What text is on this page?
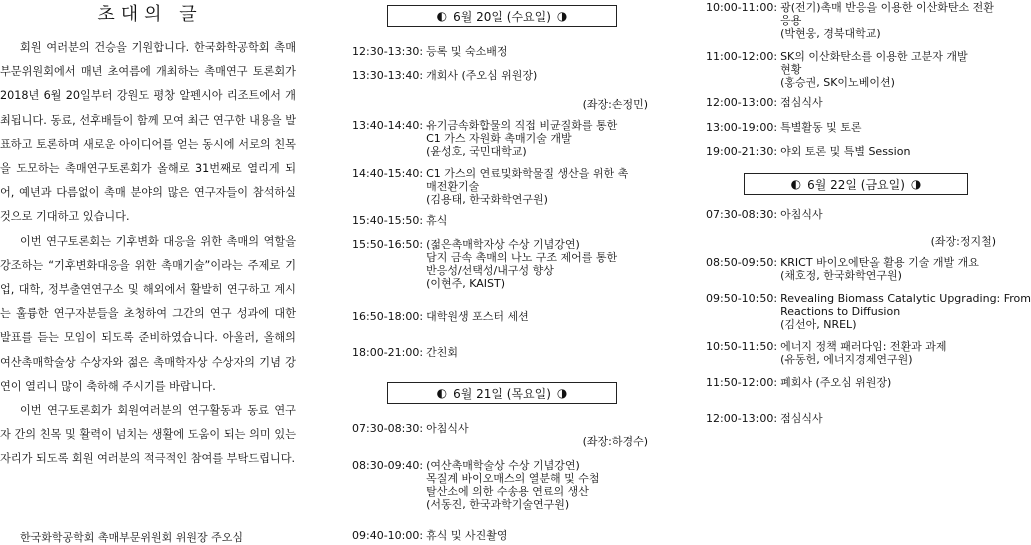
초대의 글

회원 여러분의 건승을 기원합니다. 한국화학공학회 촉매부문위원회에서 매년 초여름에 개최하는 촉매연구 토론회가 2018년 6월 20일부터 강원도 평창 알펜시아 리조트에서 개최됩니다. 동료, 선후배들이 함께 모여 최근 연구한 내용을 발표하고 토론하며 새로운 아이디어를 얻는 동시에 서로의 친목을 도모하는 촉매연구토론회가 올해로 31번째로 열리게 되어, 예년과 다름없이 촉매 분야의 많은 연구자들이 참석하실 것으로 기대하고 있습니다.

이번 연구토론회는 기후변화 대응을 위한 촉매의 역할을 강조하는 “기후변화대응을 위한 촉매기술”이라는 주제로 기업, 대학, 정부출연연구소 및 해외에서 활발히 연구하고 계시는 훌륭한 연구자분들을 초청하여 그간의 연구 성과에 대한 발표를 듣는 모임이 되도록 준비하였습니다. 아울러, 올해의 여산촉매학술상 수상자와 젊은 촉매학자상 수상자의 기념 강연이 열리니 많이 축하해 주시기를 바랍니다.

이번 연구토론회가 회원여러분의 연구활동과 동료 연구자 간의 친목 및 활력이 넘치는 생활에 도움이 되는 의미 있는 자리가 되도록 회원 여러분의 적극적인 참여를 부탁드립니다.

한국화학공학회 촉매부문위원회 위원장 주오심
◐ 6월 20일 (수요일) ◑
12:30-13:30: 등록 및 숙소배정
13:30-13:40: 개회사 (주오심 위원장)
(좌장:손정민)
13:40-14:40: 유기금속화합물의 직접 비균질화를 통한
C1 가스 자원화 촉매기술 개발
(윤성호, 국민대학교)
14:40-15:40: C1 가스의 연료및화학물질 생산을 위한 촉
매전환기술
(김용태, 한국화학연구원)
15:40-15:50: 휴식
15:50-16:50: (젊은촉매학자상 수상 기념강연)
담지 금속 촉매의 나노 구조 제어를 통한
반응성/선택성/내구성 향상
(이현주, KAIST)
16:50-18:00: 대학원생 포스터 세션
18:00-21:00: 간친회
◐ 6월 21일 (목요일) ◑
07:30-08:30: 아침식사
(좌장:하경수)
08:30-09:40: (여산촉매학술상 수상 기념강연)
목질계 바이오매스의 열분해 및 수첨
탈산소에 의한 수송용 연료의 생산
(서동진, 한국과학기술연구원)
09:40-10:00: 휴식 및 사진촬영
10:00-11:00: 광(전기)촉매 반응을 이용한 이산화탄소 전환
응용
(박현웅, 경북대학교)
11:00-12:00: SK의 이산화탄소를 이용한 고분자 개발
현황
(홍승권, SK이노베이션)
12:00-13:00: 점심식사
13:00-19:00: 특별활동 및 토론
19:00-21:30: 야외 토론 및 특별 Session
◐ 6월 22일 (금요일) ◑
07:30-08:30: 아침식사
(좌장:정지철)
08:50-09:50: KRICT 바이오에탄올 활용 기술 개발 개요
(채호정, 한국화학연구원)
09:50-10:50: Revealing Biomass Catalytic Upgrading: From
Reactions to Diffusion
(김선아, NREL)
10:50-11:50: 에너지 정책 패러다임: 전환과 과제
(유동헌, 에너지경제연구원)
11:50-12:00: 폐회사 (주오심 위원장)
12:00-13:00: 점심식사
